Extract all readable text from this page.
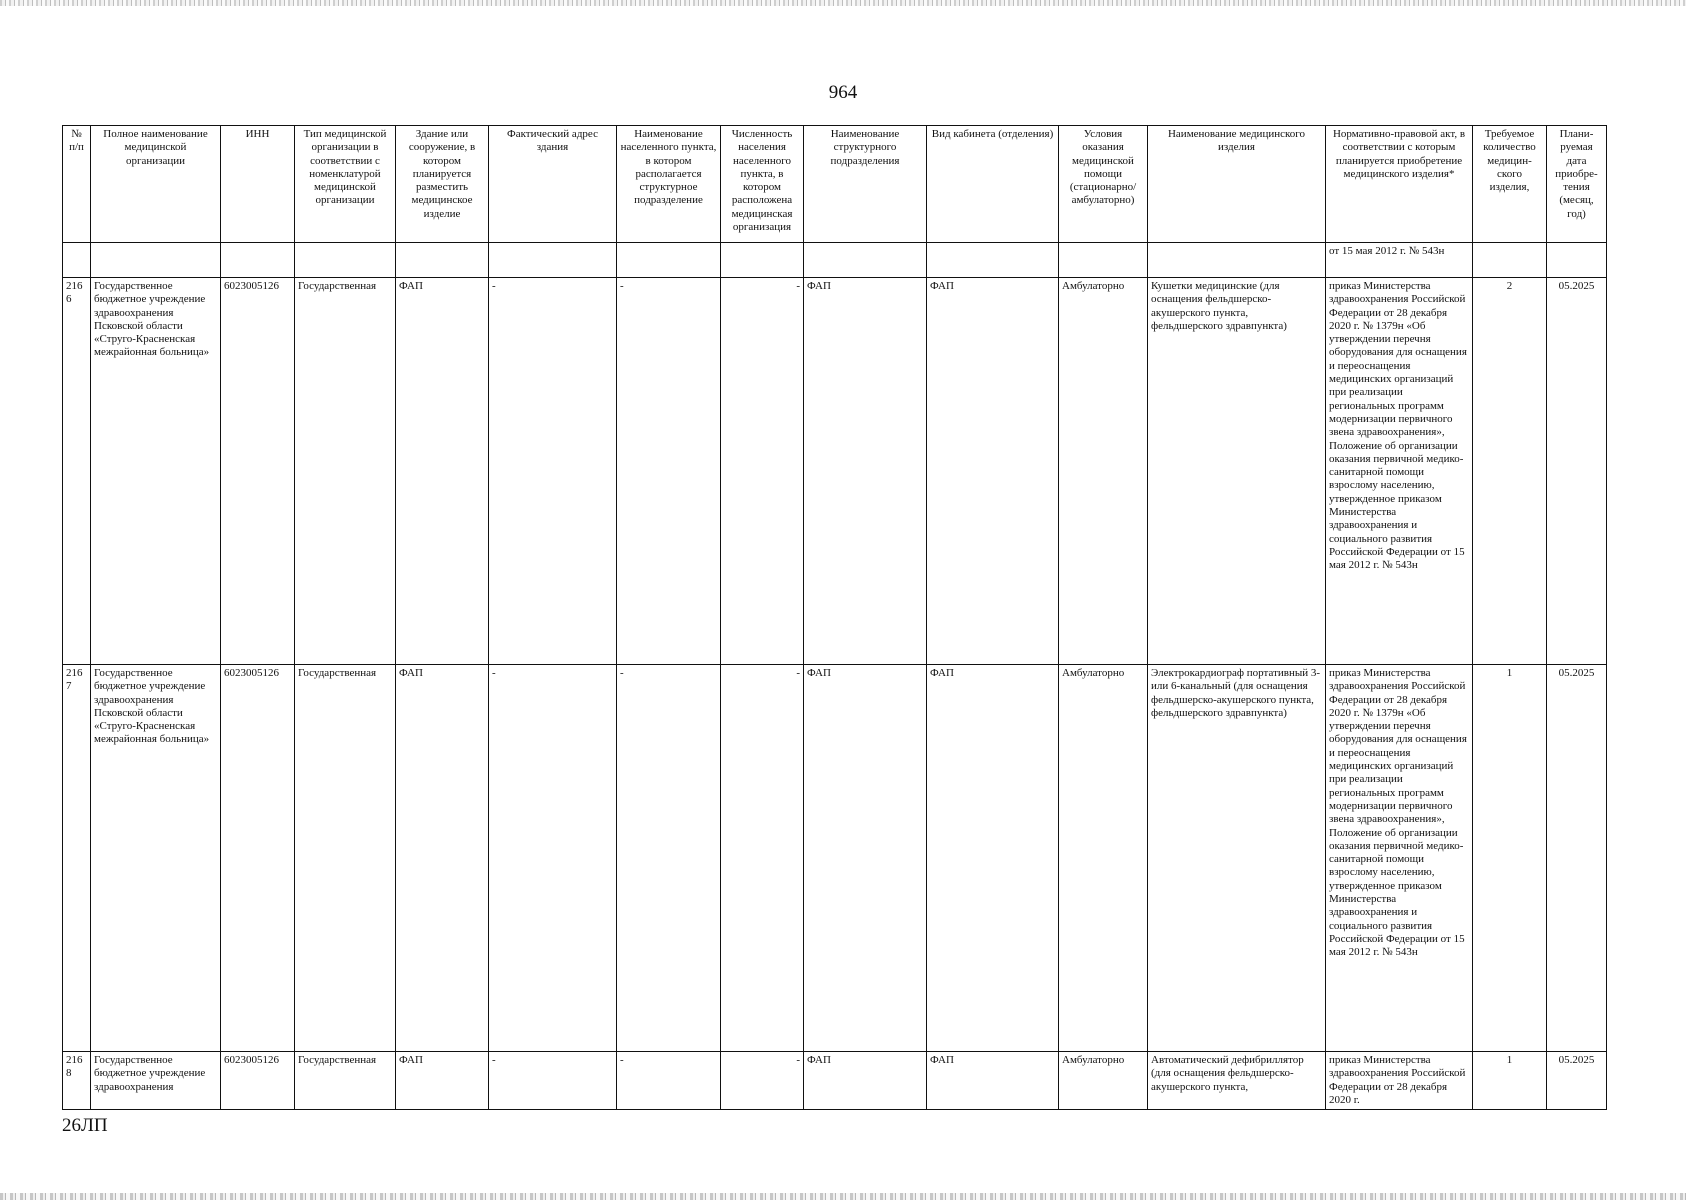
964
№ п/п	Полное наименование медицинской организации	ИНН	Тип медицинской организации в соответствии с номенклатурой медицинской организации	Здание или сооружение, в котором планируется разместить медицинское изделие	Фактический адрес здания	Наименование населенного пункта, в котором располагается структурное подразделение	Численность населения населенного пункта, в котором расположена медицинская организация	Наименование структурного подразделения	Вид кабинета (отделения)	Условия оказания медицинской помощи (стационарно/амбулаторно)	Наименование медицинского изделия	Нормативно-правовой акт, в соответствии с которым планируется приобретение медицинского изделия*	Требуемое количество медицин-ского изделия,	Плани-руемая дата приобре-тения (месяц, год)
												от 15 мая 2012 г. № 543н		
2166	Государственное бюджетное учреждение здравоохранения Псковской области «Струго-Красненская межрайонная больница»	6023005126	Государственная	ФАП	-	-	-	ФАП	ФАП	Амбулаторно	Кушетки медицинские (для оснащения фельдшерско-акушерского пункта, фельдшерского здравпункта)	приказ Министерства здравоохранения Российской Федерации от 28 декабря 2020 г. № 1379н «Об утверждении перечня оборудования для оснащения и переоснащения медицинских организаций при реализации региональных программ модернизации первичного звена здравоохранения», Положение об организации оказания первичной медико-санитарной помощи взрослому населению, утвержденное приказом Министерства здравоохранения и социального развития Российской Федерации от 15 мая 2012 г. № 543н	2	05.2025
2167	Государственное бюджетное учреждение здравоохранения Псковской области «Струго-Красненская межрайонная больница»	6023005126	Государственная	ФАП	-	-	-	ФАП	ФАП	Амбулаторно	Электрокардиограф портативный 3- или 6-канальный (для оснащения фельдшерско-акушерского пункта, фельдшерского здравпункта)	приказ Министерства здравоохранения Российской Федерации от 28 декабря 2020 г. № 1379н «Об утверждении перечня оборудования для оснащения и переоснащения медицинских организаций при реализации региональных программ модернизации первичного звена здравоохранения», Положение об организации оказания первичной медико-санитарной помощи взрослому населению, утвержденное приказом Министерства здравоохранения и социального развития Российской Федерации от 15 мая 2012 г. № 543н	1	05.2025
2168	Государственное бюджетное учреждение здравоохранения	6023005126	Государственная	ФАП	-	-	-	ФАП	ФАП	Амбулаторно	Автоматический дефибриллятор (для оснащения фельдшерско-акушерского пункта,	приказ Министерства здравоохранения Российской Федерации от 28 декабря 2020 г.	1	05.2025
26ЛП
